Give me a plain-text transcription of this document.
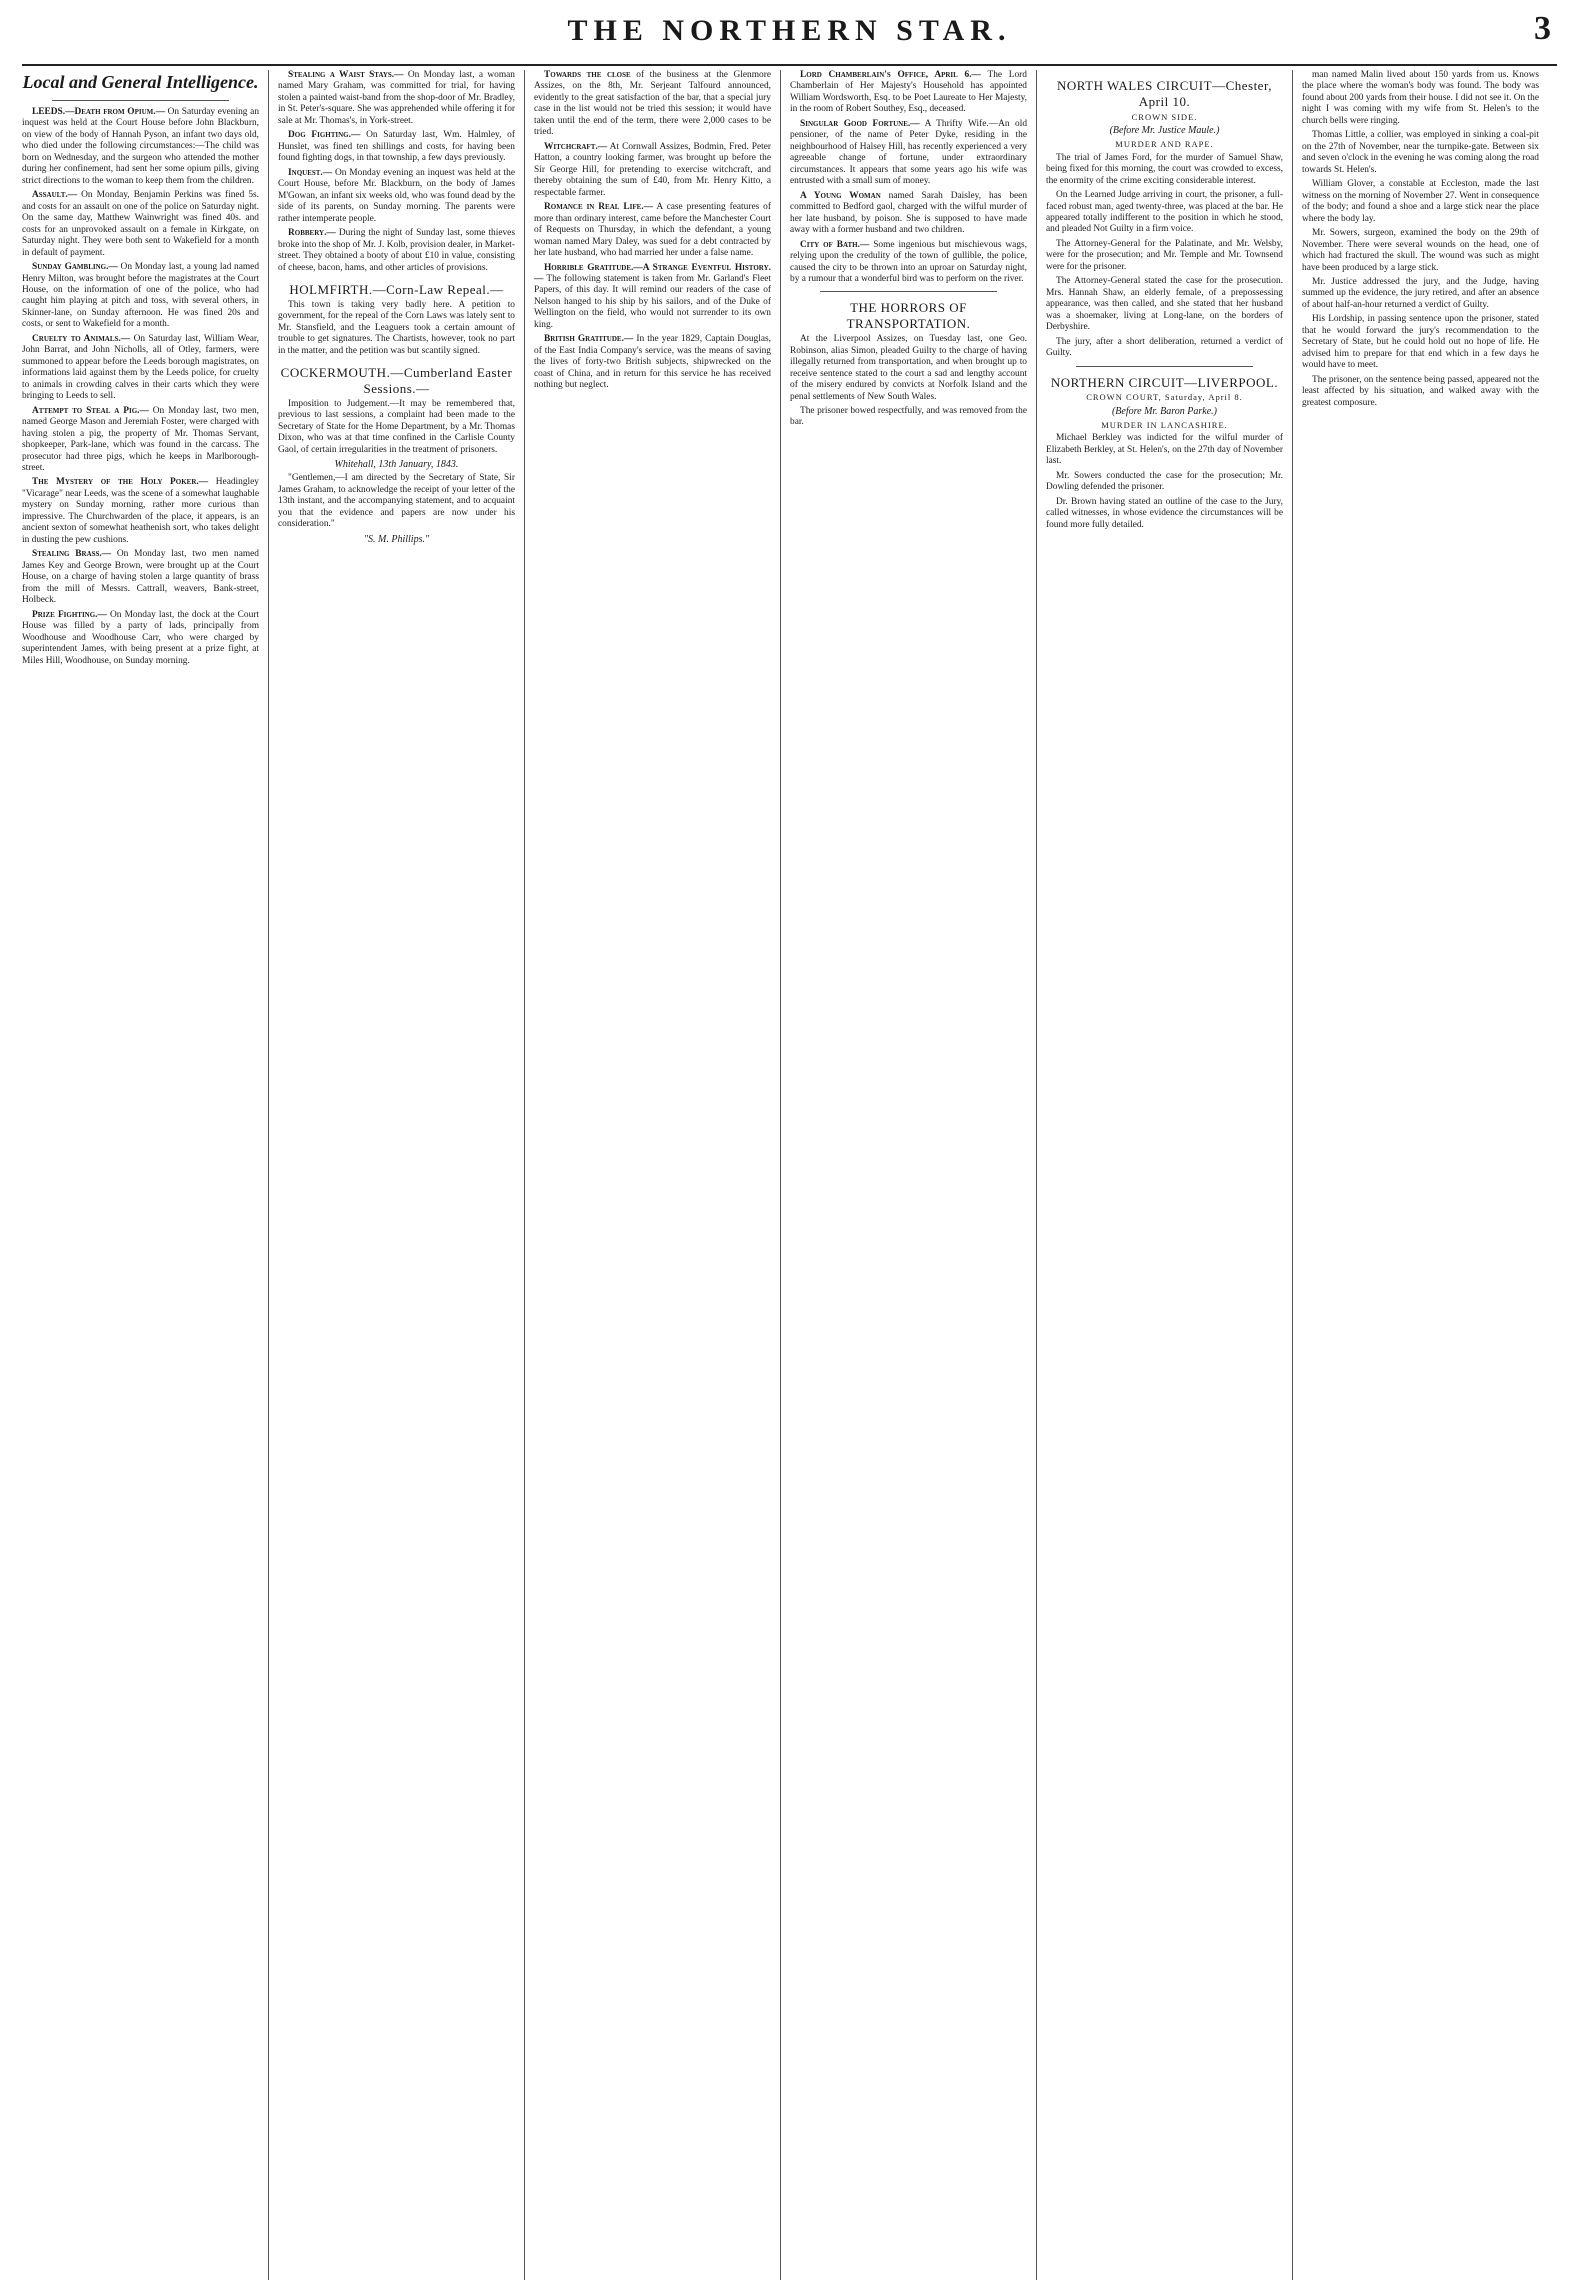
THE NORTHERN STAR.	3
Local and General Intelligence.

LEEDS.—Death from Opium.— On Saturday evening an inquest was held at the Court House before John Blackburn, on view of the body of Hannah Pyson, an infant two days old, who died under the following circumstances:—The child was born on Wednesday, and the surgeon who attended the mother during her confinement, had sent her some opium pills, giving strict directions to the woman to keep them from the children.

Assault.— On Monday, Benjamin Perkins was fined 5s. and costs for an assault on one of the police on Saturday night. On the same day, Matthew Wainwright was fined 40s. and costs for an unprovoked assault on a female in Kirkgate, on Saturday night. They were both sent to Wakefield for a month in default of payment.

Sunday Gambling.— On Monday last, a young lad named Henry Milton, was brought before the magistrates at the Court House, on the information of one of the police, who had caught him playing at pitch and toss, with several others, in Skinner-lane, on Sunday afternoon. He was fined 20s and costs, or sent to Wakefield for a month.

Cruelty to Animals.— On Saturday last, William Wear, John Barrat, and John Nicholls, all of Otley, farmers, were summoned to appear before the Leeds borough magistrates, on informations laid against them by the Leeds police, for cruelty to animals in crowding calves in their carts which they were bringing to Leeds to sell.

Attempt to Steal a Pig.— On Monday last, two men, named George Mason and Jeremiah Foster, were charged with having stolen a pig, the property of Mr. Thomas Servant, shopkeeper, Park-lane, which was found in the carcass. The prosecutor had three pigs, which he keeps in Marlborough-street.

The Mystery of the Holy Poker.— Headingley "Vicarage" near Leeds, was the scene of a somewhat laughable mystery on Sunday morning, rather more curious than impressive. The Churchwarden of the place, it appears, is an ancient sexton of somewhat heathenish sort, who takes delight in dusting the pew cushions.

Stealing Brass.— On Monday last, two men named James Key and George Brown, were brought up at the Court House, on a charge of having stolen a large quantity of brass from the mill of Messrs. Cattrall, weavers, Bank-street, Holbeck.

Prize Fighting.— On Monday last, the dock at the Court House was filled by a party of lads, principally from Woodhouse and Woodhouse Carr, who were charged by superintendent James, with being present at a prize fight, at Miles Hill, Woodhouse, on Sunday morning.

Stealing a Waist Stays.— On Monday last, a woman named Mary Graham, was committed for trial, for having stolen a painted waist-band from the shop-door of Mr. Bradley, in St. Peter's-square. She was apprehended while offering it for sale at Mr. Thomas's, in York-street.

Dog Fighting.— On Saturday last, Wm. Halmley, of Hunslet, was fined ten shillings and costs, for having been found fighting dogs, in that township, a few days previously.

Inquest.— On Monday evening an inquest was held at the Court House, before Mr. Blackburn, on the body of James M'Gowan, an infant six weeks old, who was found dead by the side of its parents, on Sunday morning. The parents were rather intemperate people.

Robbery.— During the night of Sunday last, some thieves broke into the shop of Mr. J. Kolb, provision dealer, in Market-street. They obtained a booty of about £10 in value, consisting of cheese, bacon, hams, and other articles of provisions.

HOLMFIRTH.—Corn-Law Repeal.—

This town is taking very badly here. A petition to government, for the repeal of the Corn Laws was lately sent to Mr. Stansfield, and the Leaguers took a certain amount of trouble to get signatures. The Chartists, however, took no part in the matter, and the petition was but scantily signed.

COCKERMOUTH.—Cumberland Easter Sessions.—

Imposition to Judgement.—It may be remembered that, previous to last sessions, a complaint had been made to the Secretary of State for the Home Department, by a Mr. Thomas Dixon, who was at that time confined in the Carlisle County Gaol, of certain irregularities in the treatment of prisoners.

Whitehall, 13th January, 1843.

"Gentlemen,—I am directed by the Secretary of State, Sir James Graham, to acknowledge the receipt of your letter of the 13th instant, and the accompanying statement, and to acquaint you that the evidence and papers are now under his consideration."

"S. M. Phillips."

Towards the close of the business at the Glenmore Assizes, on the 8th, Mr. Serjeant Talfourd announced, evidently to the great satisfaction of the bar, that a special jury case in the list would not be tried this session; it would have taken until the end of the term, there were 2,000 cases to be tried.

Witchcraft.— At Cornwall Assizes, Bodmin, Fred. Peter Hatton, a country looking farmer, was brought up before the Sir George Hill, for pretending to exercise witchcraft, and thereby obtaining the sum of £40, from Mr. Henry Kitto, a respectable farmer.

Romance in Real Life.— A case presenting features of more than ordinary interest, came before the Manchester Court of Requests on Thursday, in which the defendant, a young woman named Mary Daley, was sued for a debt contracted by her late husband, who had married her under a false name.

Horrible Gratitude.—A Strange Eventful History.— The following statement is taken from Mr. Garland's Fleet Papers, of this day. It will remind our readers of the case of Nelson hanged to his ship by his sailors, and of the Duke of Wellington on the field, who would not surrender to its own king.

British Gratitude.— In the year 1829, Captain Douglas, of the East India Company's service, was the means of saving the lives of forty-two British subjects, shipwrecked on the coast of China, and in return for this service he has received nothing but neglect.

Lord Chamberlain's Office, April 6.— The Lord Chamberlain of Her Majesty's Household has appointed William Wordsworth, Esq. to be Poet Laureate to Her Majesty, in the room of Robert Southey, Esq., deceased.

Singular Good Fortune.— A Thrifty Wife.—An old pensioner, of the name of Peter Dyke, residing in the neighbourhood of Halsey Hill, has recently experienced a very agreeable change of fortune, under extraordinary circumstances. It appears that some years ago his wife was entrusted with a small sum of money.

A Young Woman named Sarah Daisley, has been committed to Bedford gaol, charged with the wilful murder of her late husband, by poison. She is supposed to have made away with a former husband and two children.

City of Bath.— Some ingenious but mischievous wags, relying upon the credulity of the town of gullible, the police, caused the city to be thrown into an uproar on Saturday night, by a rumour that a wonderful bird was to perform on the river.

THE HORRORS OF TRANSPORTATION.

At the Liverpool Assizes, on Tuesday last, one Geo. Robinson, alias Simon, pleaded Guilty to the charge of having illegally returned from transportation, and when brought up to receive sentence stated to the court a sad and lengthy account of the misery endured by convicts at Norfolk Island and the penal settlements of New South Wales.

The prisoner bowed respectfully, and was removed from the bar.

NORTH WALES CIRCUIT—Chester, April 10.
CROWN SIDE.
(Before Mr. Justice Maule.)
MURDER AND RAPE.

The trial of James Ford, for the murder of Samuel Shaw, being fixed for this morning, the court was crowded to excess, the enormity of the crime exciting considerable interest.

On the Learned Judge arriving in court, the prisoner, a full-faced robust man, aged twenty-three, was placed at the bar. He appeared totally indifferent to the position in which he stood, and pleaded Not Guilty in a firm voice.

The Attorney-General for the Palatinate, and Mr. Welsby, were for the prosecution; and Mr. Temple and Mr. Townsend were for the prisoner.

The Attorney-General stated the case for the prosecution. Mrs. Hannah Shaw, an elderly female, of a prepossessing appearance, was then called, and she stated that her husband was a shoemaker, living at Long-lane, on the borders of Derbyshire.

The jury, after a short deliberation, returned a verdict of Guilty.

NORTHERN CIRCUIT—LIVERPOOL.
CROWN COURT, Saturday, April 8.
(Before Mr. Baron Parke.)
MURDER IN LANCASHIRE.

Michael Berkley was indicted for the wilful murder of Elizabeth Berkley, at St. Helen's, on the 27th day of November last.

Mr. Sowers conducted the case for the prosecution; Mr. Dowling defended the prisoner.

Dr. Brown having stated an outline of the case to the Jury, called witnesses, in whose evidence the circumstances will be found more fully detailed.

man named Malin lived about 150 yards from us. Knows the place where the woman's body was found. The body was found about 200 yards from their house. I did not see it. On the night I was coming with my wife from St. Helen's to the church bells were ringing.

Thomas Little, a collier, was employed in sinking a coal-pit on the 27th of November, near the turnpike-gate. Between six and seven o'clock in the evening he was coming along the road towards St. Helen's.

William Glover, a constable at Eccleston, made the last witness on the morning of November 27. Went in consequence of the body; and found a shoe and a large stick near the place where the body lay.

Mr. Sowers, surgeon, examined the body on the 29th of November. There were several wounds on the head, one of which had fractured the skull. The wound was such as might have been produced by a large stick.

Mr. Justice addressed the jury, and the Judge, having summed up the evidence, the jury retired, and after an absence of about half-an-hour returned a verdict of Guilty.

His Lordship, in passing sentence upon the prisoner, stated that he would forward the jury's recommendation to the Secretary of State, but he could hold out no hope of life. He advised him to prepare for that end which in a few days he would have to meet.

The prisoner, on the sentence being passed, appeared not the least affected by his situation, and walked away with the greatest composure.
